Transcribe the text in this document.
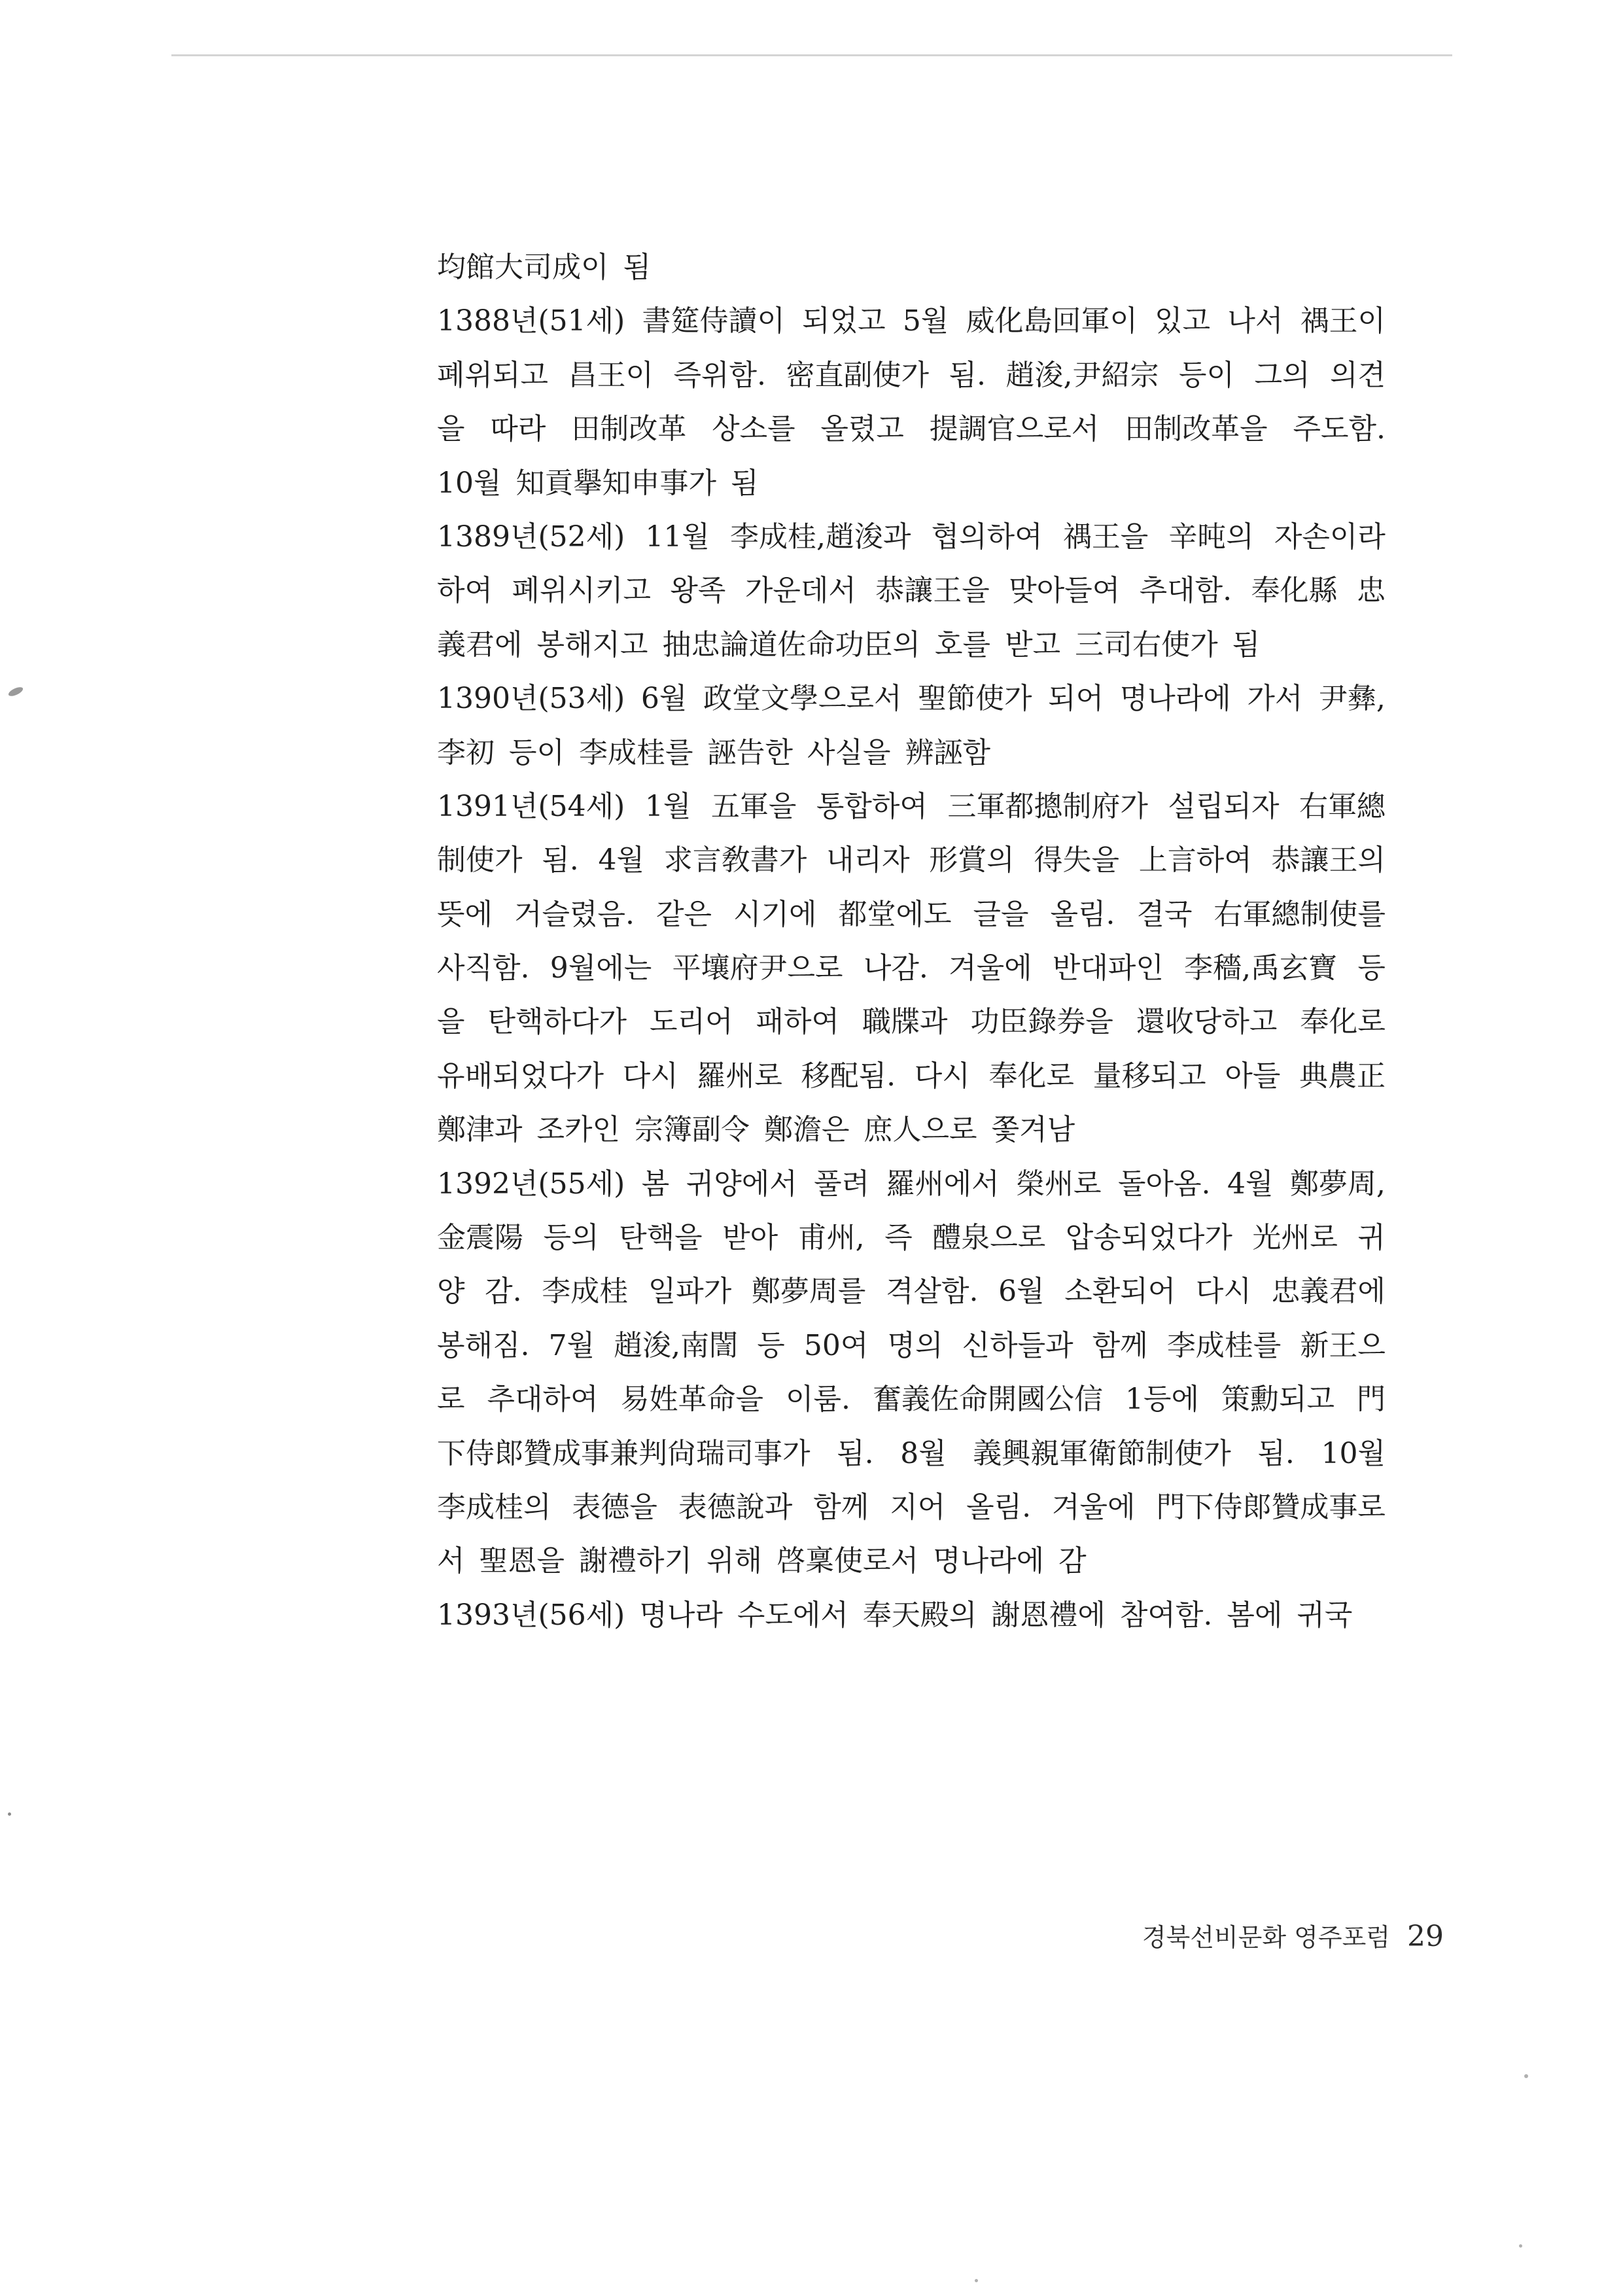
均館大司成이 됨
1388년(51세) 書筵侍讀이 되었고 5월 威化島回軍이 있고 나서 禑王이
폐위되고 昌王이 즉위함. 密直副使가 됨. 趙浚,尹紹宗 등이 그의 의견
을 따라 田制改革 상소를 올렸고 提調官으로서 田制改革을 주도함.
10월 知貢擧知申事가 됨
1389년(52세) 11월 李成桂,趙浚과 협의하여 禑王을 辛旽의 자손이라
하여 폐위시키고 왕족 가운데서 恭讓王을 맞아들여 추대함. 奉化縣 忠
義君에 봉해지고 抽忠論道佐命功臣의 호를 받고 三司右使가 됨
1390년(53세) 6월 政堂文學으로서 聖節使가 되어 명나라에 가서 尹彝,
李初 등이 李成桂를 誣告한 사실을 辨誣함
1391년(54세) 1월 五軍을 통합하여 三軍都摠制府가 설립되자 右軍總
制使가 됨. 4월 求言敎書가 내리자 形賞의 得失을 上言하여 恭讓王의
뜻에 거슬렸음. 같은 시기에 都堂에도 글을 올림. 결국 右軍總制使를
사직함. 9월에는 平壤府尹으로 나감. 겨울에 반대파인 李穡,禹玄寶 등
을 탄핵하다가 도리어 패하여 職牒과 功臣錄券을 還收당하고 奉化로
유배되었다가 다시 羅州로 移配됨. 다시 奉化로 量移되고 아들 典農正
鄭津과 조카인 宗簿副令 鄭澹은 庶人으로 쫓겨남
1392년(55세) 봄 귀양에서 풀려 羅州에서 榮州로 돌아옴. 4월 鄭夢周,
金震陽 등의 탄핵을 받아 甫州, 즉 醴泉으로 압송되었다가 光州로 귀
양 감. 李成桂 일파가 鄭夢周를 격살함. 6월 소환되어 다시 忠義君에
봉해짐. 7월 趙浚,南誾 등 50여 명의 신하들과 함께 李成桂를 新王으
로 추대하여 易姓革命을 이룸. 奮義佐命開國公信 1등에 策勳되고 門
下侍郞贊成事兼判尙瑞司事가 됨. 8월 義興親軍衛節制使가 됨. 10월
李成桂의 表德을 表德說과 함께 지어 올림. 겨울에 門下侍郞贊成事로
서 聖恩을 謝禮하기 위해 啓稟使로서 명나라에 감
1393년(56세) 명나라 수도에서 奉天殿의 謝恩禮에 참여함. 봄에 귀국
경북선비문화 영주포럼 29
